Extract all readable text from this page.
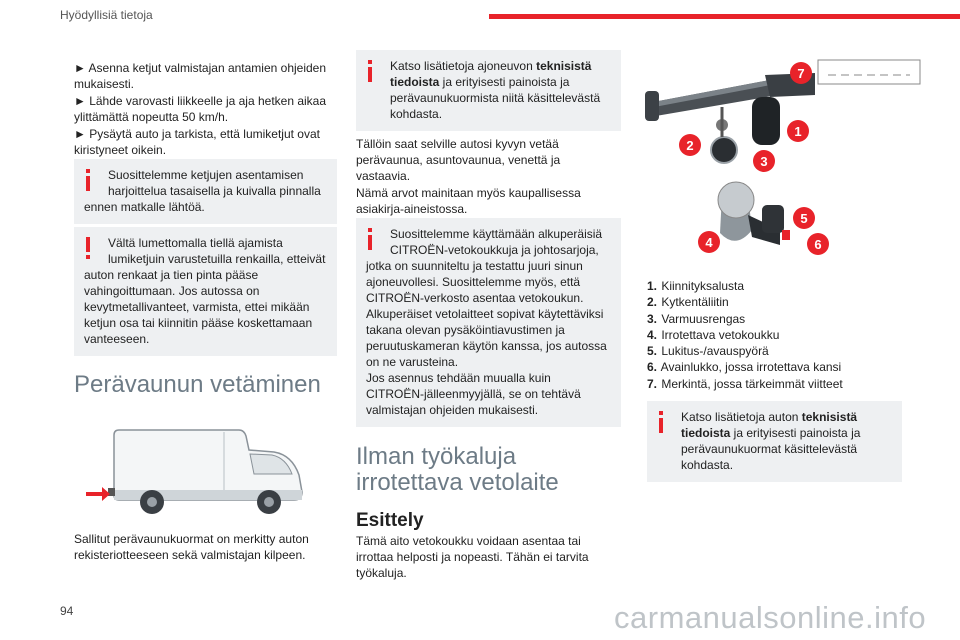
Hyödyllisiä tietoja

► Asenna ketjut valmistajan antamien ohjeiden mukaisesti.

► Lähde varovasti liikkeelle ja aja hetken aikaa ylittämättä nopeutta 50 km/h.

► Pysäytä auto ja tarkista, että lumiketjut ovat kiristyneet oikein.

Suosittelemme ketjujen asentamisen harjoittelua tasaisella ja kuivalla pinnalla
ennen matkalle lähtöä.
Vältä lumettomalla tiellä ajamista lumiketjuin varustetuilla renkailla, etteivät
auton renkaat ja tien pinta pääse vahingoittumaan. Jos autossa on kevytmetallivanteet, varmista, ettei mikään ketjun osa tai kiinnitin pääse koskettamaan vanteeseen.
Perävaunun vetäminen

Sallitut perävaunukuormat on merkitty auton rekisteriotteeseen sekä valmistajan kilpeen.

Katso lisätietoja ajoneuvon teknisistä tiedoista ja erityisesti painoista ja perävaunukuormista niitä käsittelevästä kohdasta.

Tällöin saat selville autosi kyvyn vetää perävaunua, asuntovaunua, venettä ja vastaavia.

Nämä arvot mainitaan myös kaupallisessa asiakirja-aineistossa.

Suosittelemme käyttämään alkuperäisiä CITROËN-vetokoukkuja ja johtosarjoja,
jotka on suunniteltu ja testattu juuri sinun ajoneuvollesi. Suosittelemme myös, että CITROËN-verkosto asentaa vetokoukun. Alkuperäiset vetolaitteet sopivat käytettäviksi takana olevan pysäköintiavustimen ja peruutuskameran käytön kanssa, jos autossa on ne varusteina.
Jos asennus tehdään muualla kuin CITROËN-jälleenmyyjällä, se on tehtävä valmistajan ohjeiden mukaisesti.
Ilman työkaluja irrotettava vetolaite
Esittely

Tämä aito vetokoukku voidaan asentaa tai irrottaa helposti ja nopeasti. Tähän ei tarvita työkaluja.

7
1
2
3
5
4	6
1. Kiinnityksalusta
2. Kytkentäliitin
3. Varmuusrengas
4. Irrotettava vetokoukku
5. Lukitus-/avauspyörä
6. Avainlukko, jossa irrotettava kansi
7. Merkintä, jossa tärkeimmät viitteet
Katso lisätietoja auton teknisistä tiedoista ja erityisesti painoista ja perävaunukuormat käsittelevästä kohdasta.
94	carmanualsonline.info
